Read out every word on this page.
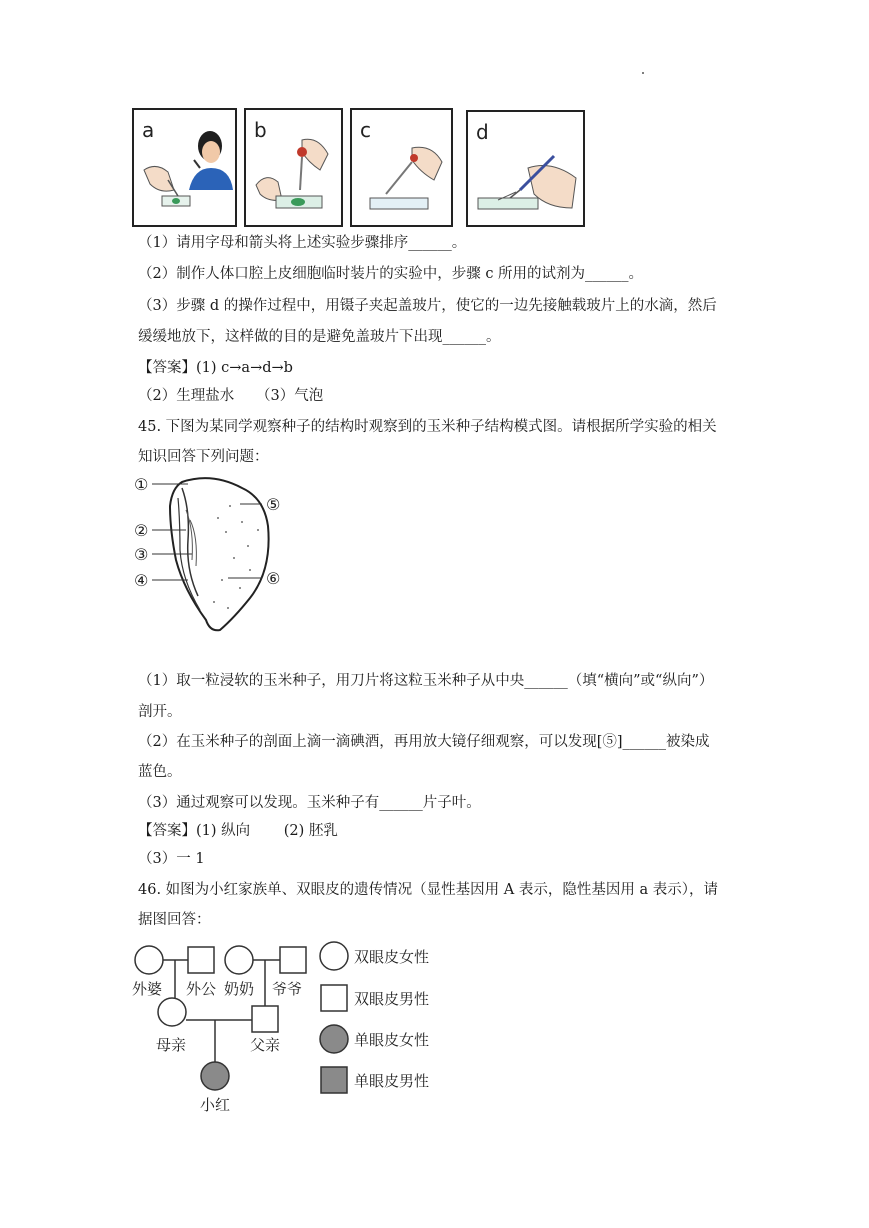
a	b	c	d
（1）请用字母和箭头将上述实验步骤排序______。
（2）制作人体口腔上皮细胞临时装片的实验中，步骤 c 所用的试剂为______。
（3）步骤 d 的操作过程中，用镊子夹起盖玻片，使它的一边先接触载玻片上的水滴，然后
缓缓地放下，这样做的目的是避免盖玻片下出现______。
【答案】(1) c→a→d→b
（2）生理盐水　　（3）气泡
45. 下图为某同学观察种子的结构时观察到的玉米种子结构模式图。请根据所学实验的相关
知识回答下列问题：
①
②
③
④
⑤
⑥
（1）取一粒浸软的玉米种子，用刀片将这粒玉米种子从中央______（填“横向”或“纵向”）
剖开。
（2）在玉米种子的剖面上滴一滴碘酒，再用放大镜仔细观察，可以发现[⑤]______被染成
蓝色。
（3）通过观察可以发现。玉米种子有______片子叶。
【答案】(1) 纵向　　 (2) 胚乳
（3）一 1
46. 如图为小红家族单、双眼皮的遗传情况（显性基因用 A 表示，隐性基因用 a 表示），请
据图回答：
外婆 外公 奶奶 爷爷
母亲	父亲
小红
双眼皮女性
双眼皮男性
单眼皮女性
单眼皮男性
